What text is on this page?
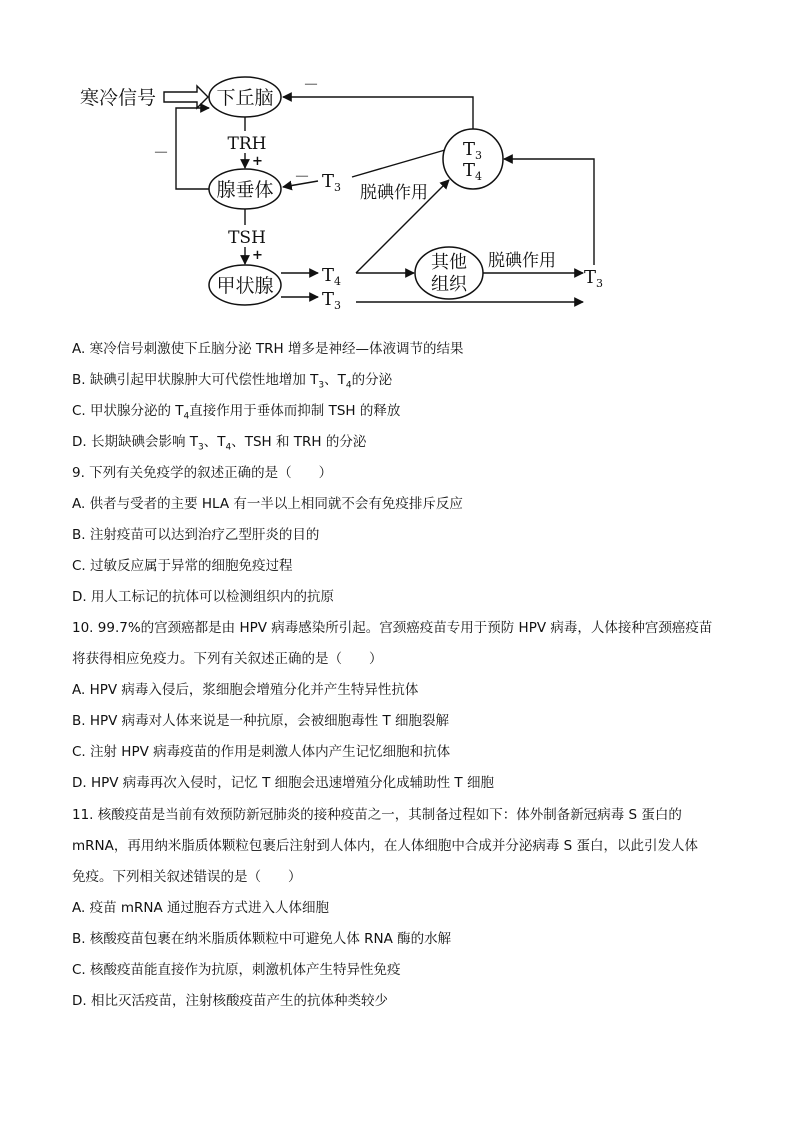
下丘脑
腺垂体
甲状腺
其他
组织
$T_3$
$T_4$
寒冷信号
TRH
+
TSH
+
－
－
$T_3$
－
脱碘作用
$T_4$
$T_3$
脱碘作用
$T_3$
A. 寒冷信号刺激使下丘脑分泌 TRH 增多是神经—体液调节的结果
B. 缺碘引起甲状腺肿大可代偿性地增加 $T_3$、$T_4$的分泌
C. 甲状腺分泌的 $T_4$直接作用于垂体而抑制 TSH 的释放
D. 长期缺碘会影响 $T_3$、$T_4$、TSH 和 TRH 的分泌
9. 下列有关免疫学的叙述正确的是（　　）
A. 供者与受者的主要 HLA 有一半以上相同就不会有免疫排斥反应
B. 注射疫苗可以达到治疗乙型肝炎的目的
C. 过敏反应属于异常的细胞免疫过程
D. 用人工标记的抗体可以检测组织内的抗原
10. 99.7%的宫颈癌都是由 HPV 病毒感染所引起。宫颈癌疫苗专用于预防 HPV 病毒，人体接种宫颈癌疫苗
将获得相应免疫力。下列有关叙述正确的是（　　）
A. HPV 病毒入侵后，浆细胞会增殖分化并产生特异性抗体
B. HPV 病毒对人体来说是一种抗原，会被细胞毒性 T 细胞裂解
C. 注射 HPV 病毒疫苗的作用是刺激人体内产生记忆细胞和抗体
D. HPV 病毒再次入侵时，记忆 T 细胞会迅速增殖分化成辅助性 T 细胞
11. 核酸疫苗是当前有效预防新冠肺炎的接种疫苗之一，其制备过程如下：体外制备新冠病毒 S 蛋白的
mRNA，再用纳米脂质体颗粒包裹后注射到人体内，在人体细胞中合成并分泌病毒 S 蛋白，以此引发人体
免疫。下列相关叙述错误的是（　　）
A. 疫苗 mRNA 通过胞吞方式进入人体细胞
B. 核酸疫苗包裹在纳米脂质体颗粒中可避免人体 RNA 酶的水解
C. 核酸疫苗能直接作为抗原，刺激机体产生特异性免疫
D. 相比灭活疫苗，注射核酸疫苗产生的抗体种类较少
